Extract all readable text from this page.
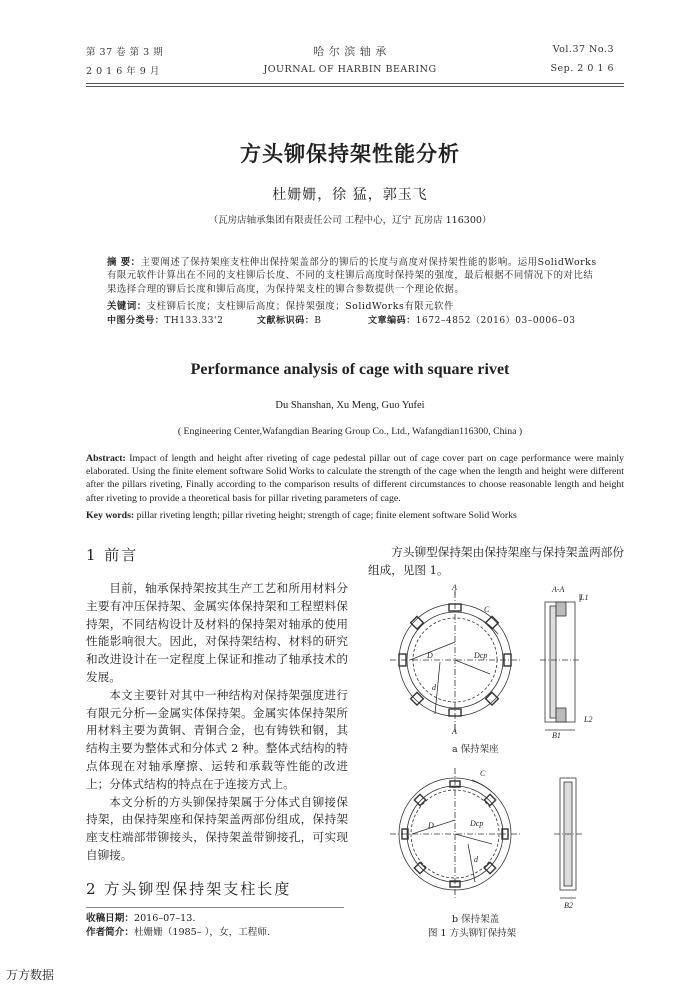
第 37 卷 第 3 期
2 0 1 6 年 9 月
哈 尔 滨 轴 承
JOURNAL OF HARBIN BEARING
Vol.37 No.3
Sep. 2 0 1 6
方头铆保持架性能分析
杜姗姗，徐 猛，郭玉飞
（瓦房店轴承集团有限责任公司 工程中心，辽宁 瓦房店 116300）
摘 要：主要阐述了保持架座支柱伸出保持架盖部分的铆后的长度与高度对保持架性能的影响。运用SolidWorks有限元软件计算出在不同的支柱铆后长度、不同的支柱铆后高度时保持架的强度，最后根据不同情况下的对比结果选择合理的铆后长度和铆后高度，为保持架支柱的铆合参数提供一个理论依据。
关键词：支柱铆后长度；支柱铆后高度；保持架强度；SolidWorks有限元软件
中图分类号：TH133.33'2	文献标识码：B	文章编码：1672–4852（2016）03–0006–03
Performance analysis of cage with square rivet
Du Shanshan, Xu Meng, Guo Yufei
( Engineering Center,Wafangdian Bearing Group Co., Ltd., Wafangdian116300, China )
Abstract: Impact of length and height after riveting of cage pedestal pillar out of cage cover part on cage performance were mainly elaborated. Using the finite element software Solid Works to calculate the strength of the cage when the length and height were different after the pillars riveting, Finally according to the comparison results of different circumstances to choose reasonable length and height after riveting to provide a theoretical basis for pillar riveting parameters of cage.
Key words: pillar riveting length; pillar riveting height; strength of cage; finite element software Solid Works
1 前言

目前，轴承保持架按其生产工艺和所用材料分主要有冲压保持架、金属实体保持架和工程塑料保持架，不同结构设计及材料的保持架对轴承的使用性能影响很大。因此，对保持架结构、材料的研究和改进设计在一定程度上保证和推动了轴承技术的发展。

本文主要针对其中一种结构对保持架强度进行有限元分析—金属实体保持架。金属实体保持架所用材料主要为黄铜、青铜合金，也有铸铁和钢，其结构主要为整体式和分体式 2 种。整体式结构的特点体现在对轴承摩擦、运转和承载等性能的改进上；分体式结构的特点在于连接方式上。

本文分析的方头铆保持架属于分体式自铆接保持架，由保持架座和保持架盖两部份组成，保持架座支柱端部带铆接头，保持架盖带铆接孔，可实现自铆接。

2 方头铆型保持架支柱长度
收稿日期：2016–07–13.
作者简介：杜姗姗（1985– ），女，工程师.

方头铆型保持架由保持架座与保持架盖两部份组成，见图 1。

A	A-A
C
D	Dcp
d
L1
L2
B1
A
C
D	Dcp
d
B2
a 保持架座
b 保持架盖
图 1 方头铆钉保持架
万方数据
